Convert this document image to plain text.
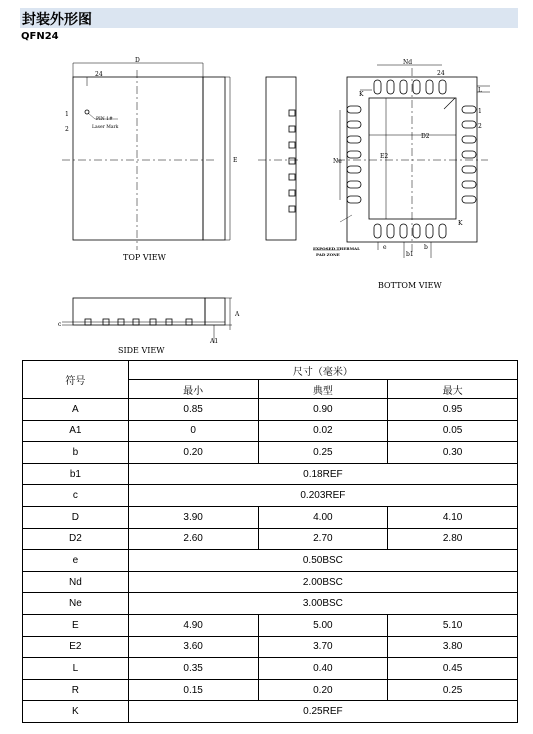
封装外形图
QFN24
D
24
1
2
PIN 1#
Laser Mark
E
Nd
24
L
K
D2
E2
Ne
1
2
K
e
b1
b
EXPOSED THERMAL
PAD ZONE
A
A1
c
TOP VIEW
BOTTOM VIEW
SIDE VIEW
符号	尺寸（毫米）		
	最小	典型	最大
A	0.85	0.90	0.95
A1	0	0.02	0.05
b	0.20	0.25	0.30
b1	0.18REF		
c	0.203REF		
D	3.90	4.00	4.10
D2	2.60	2.70	2.80
e	0.50BSC		
Nd	2.00BSC		
Ne	3.00BSC		
E	4.90	5.00	5.10
E2	3.60	3.70	3.80
L	0.35	0.40	0.45
R	0.15	0.20	0.25
K	0.25REF		
